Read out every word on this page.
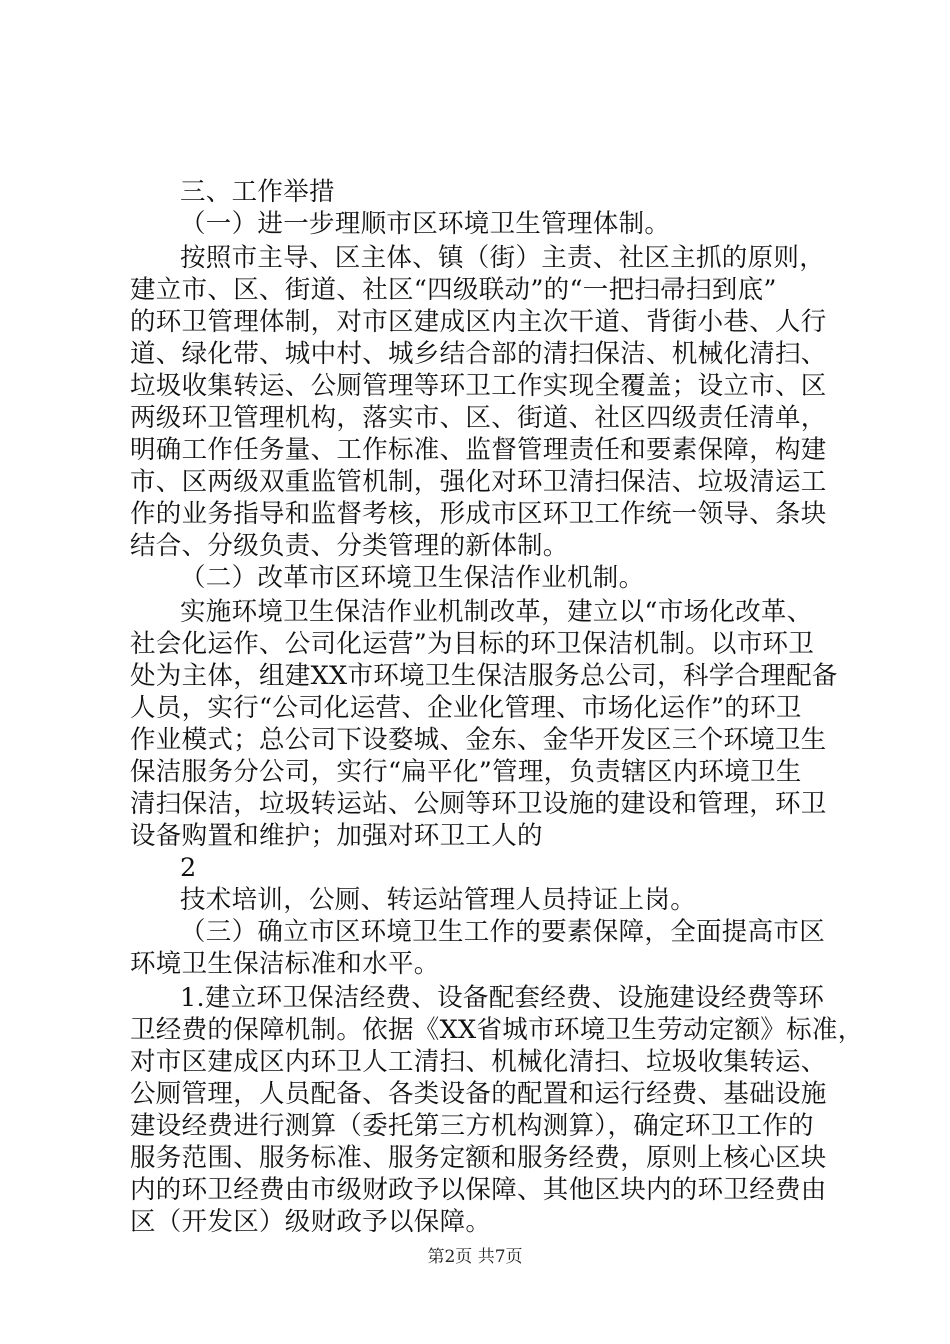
三、工作举措
（一）进一步理顺市区环境卫生管理体制。
按照市主导、区主体、镇（街）主责、社区主抓的原则，
建立市、区、街道、社区“四级联动”的“一把扫帚扫到底”
的环卫管理体制，对市区建成区内主次干道、背街小巷、人行
道、绿化带、城中村、城乡结合部的清扫保洁、机械化清扫、
垃圾收集转运、公厕管理等环卫工作实现全覆盖；设立市、区
两级环卫管理机构，落实市、区、街道、社区四级责任清单，
明确工作任务量、工作标准、监督管理责任和要素保障，构建
市、区两级双重监管机制，强化对环卫清扫保洁、垃圾清运工
作的业务指导和监督考核，形成市区环卫工作统一领导、条块
结合、分级负责、分类管理的新体制。
（二）改革市区环境卫生保洁作业机制。
实施环境卫生保洁作业机制改革，建立以“市场化改革、
社会化运作、公司化运营”为目标的环卫保洁机制。以市环卫
处为主体，组建XX市环境卫生保洁服务总公司，科学合理配备
人员，实行“公司化运营、企业化管理、市场化运作”的环卫
作业模式；总公司下设婺城、金东、金华开发区三个环境卫生
保洁服务分公司，实行“扁平化”管理，负责辖区内环境卫生
清扫保洁，垃圾转运站、公厕等环卫设施的建设和管理，环卫
设备购置和维护；加强对环卫工人的
2
技术培训，公厕、转运站管理人员持证上岗。
（三）确立市区环境卫生工作的要素保障，全面提高市区
环境卫生保洁标准和水平。
1.建立环卫保洁经费、设备配套经费、设施建设经费等环
卫经费的保障机制。依据《XX省城市环境卫生劳动定额》标准，
对市区建成区内环卫人工清扫、机械化清扫、垃圾收集转运、
公厕管理，人员配备、各类设备的配置和运行经费、基础设施
建设经费进行测算（委托第三方机构测算），确定环卫工作的
服务范围、服务标准、服务定额和服务经费，原则上核心区块
内的环卫经费由市级财政予以保障、其他区块内的环卫经费由
区（开发区）级财政予以保障。
第2页 共7页
